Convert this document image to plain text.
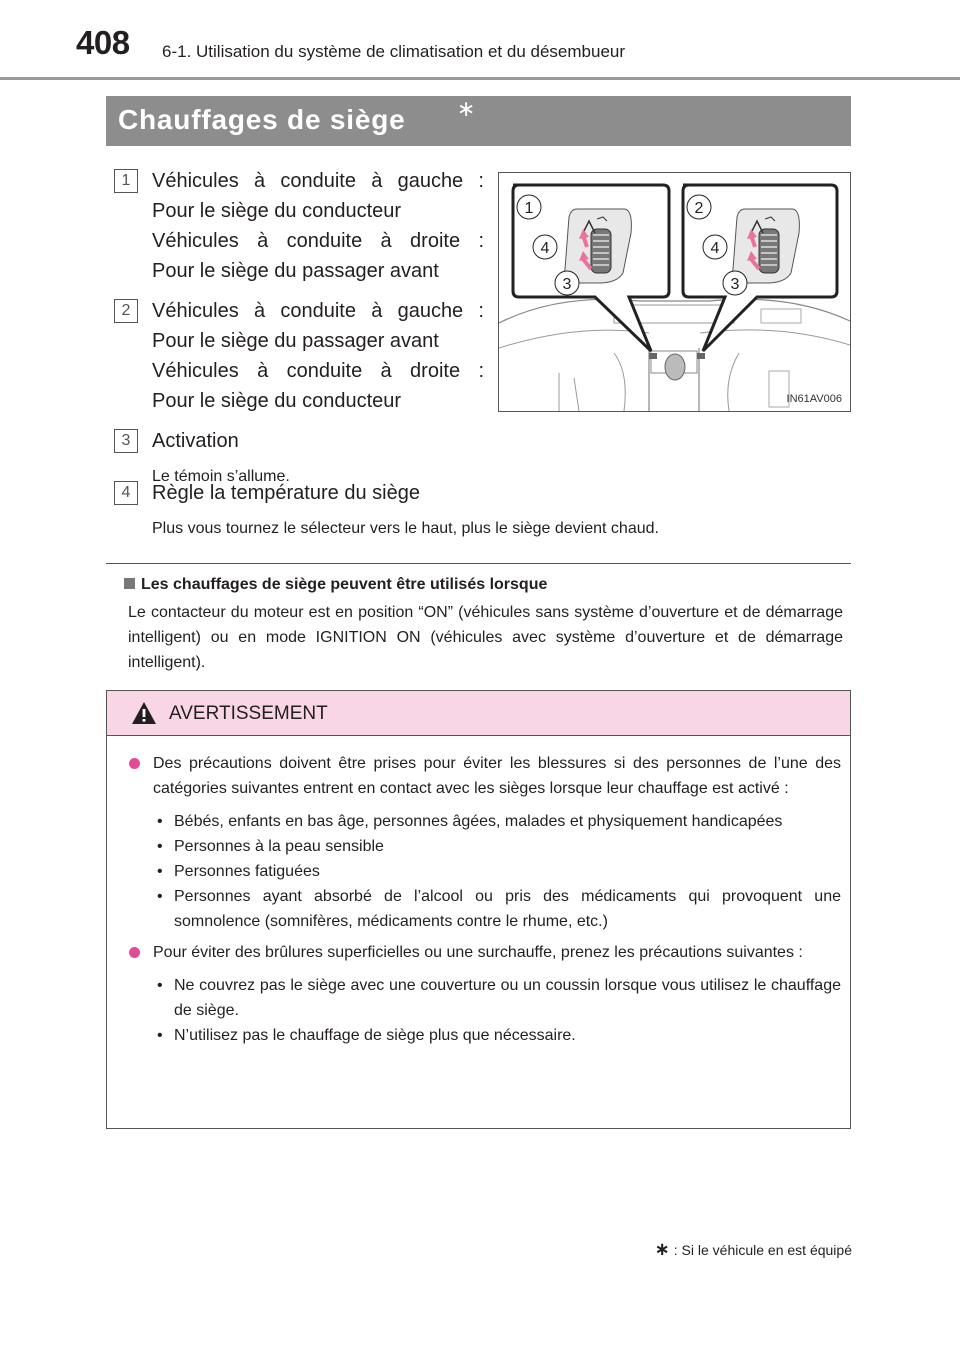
408 6-1. Utilisation du système de climatisation et du désembueur
Chauffages de siège ∗
1	Véhicules à conduite à gauche :
Pour le siège du conducteur
Véhicules à conduite à droite :
Pour le siège du passager avant
2	Véhicules à conduite à gauche :
Pour le siège du passager avant
Véhicules à conduite à droite :
Pour le siège du conducteur
3	Activation
Le témoin s’allume.
4	Règle la température du siège
Plus vous tournez le sélecteur vers le haut, plus le siège devient chaud.
1
4
3
2
4
3
IN61AV006
Les chauffages de siège peuvent être utilisés lorsque
Le contacteur du moteur est en position “ON” (véhicules sans système d’ouverture et de démarrage intelligent) ou en mode IGNITION ON (véhicules avec système d’ouverture et de démarrage intelligent).
AVERTISSEMENT
Des précautions doivent être prises pour éviter les blessures si des personnes de l’une des catégories suivantes entrent en contact avec les sièges lorsque leur chauffage est activé :
• Bébés, enfants en bas âge, personnes âgées, malades et physiquement handicapées
• Personnes à la peau sensible
• Personnes fatiguées
• Personnes ayant absorbé de l’alcool ou pris des médicaments qui provoquent une somnolence (somnifères, médicaments contre le rhume, etc.)
Pour éviter des brûlures superficielles ou une surchauffe, prenez les précautions suivantes :
• Ne couvrez pas le siège avec une couverture ou un coussin lorsque vous utilisez le chauffage de siège.
• N’utilisez pas le chauffage de siège plus que nécessaire.
∗ : Si le véhicule en est équipé
